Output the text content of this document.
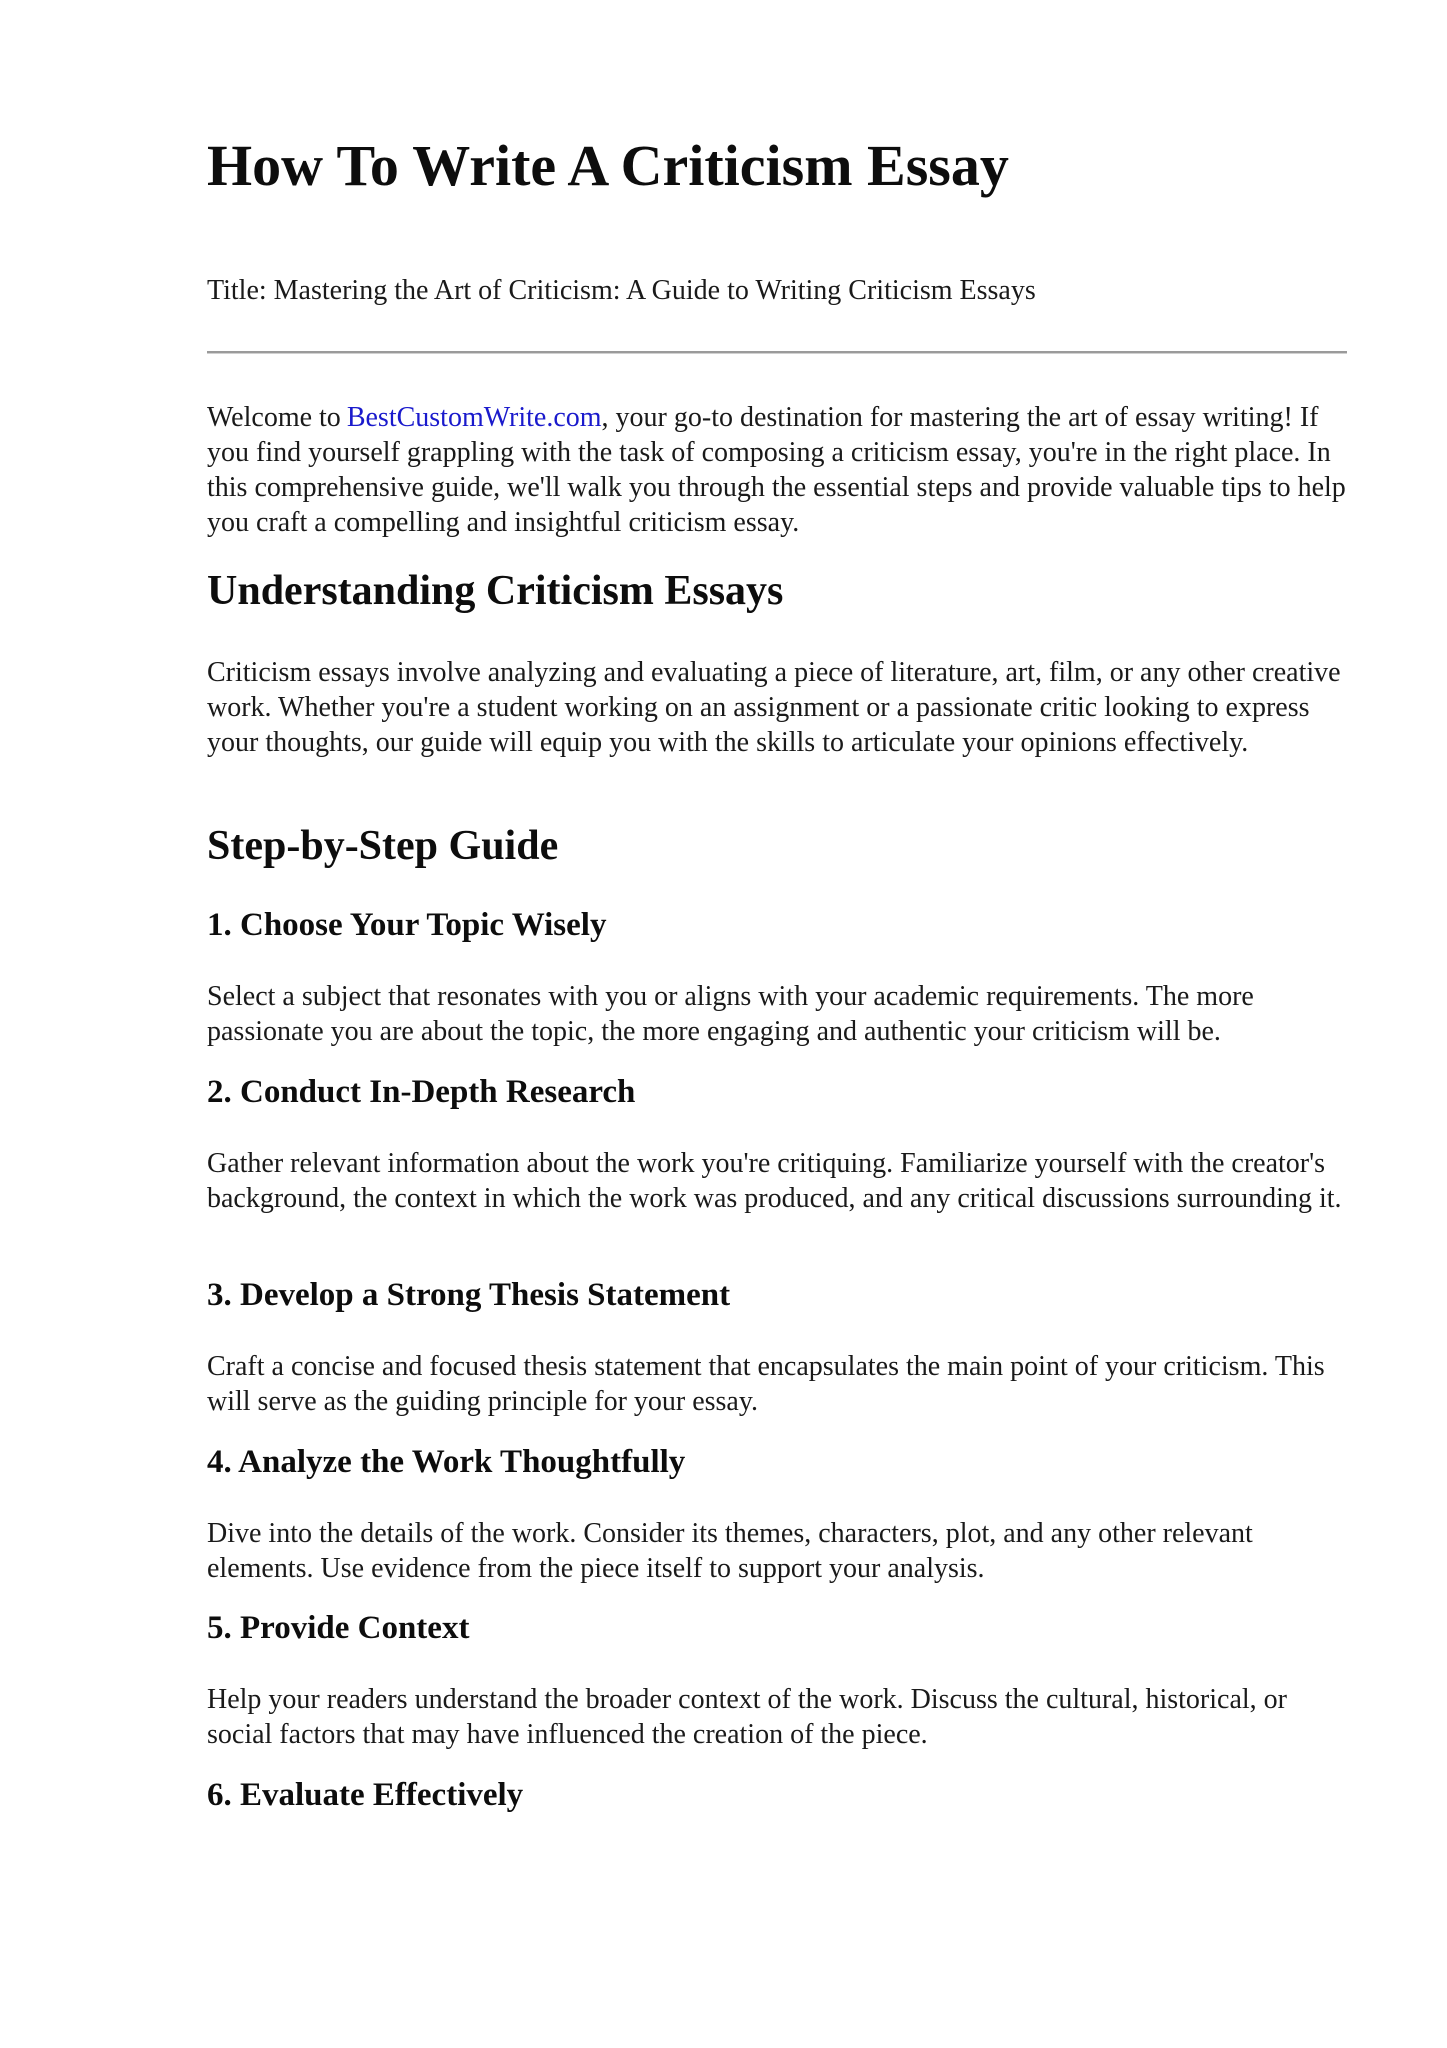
How To Write A Criticism Essay

Title: Mastering the Art of Criticism: A Guide to Writing Criticism Essays

Welcome to BestCustomWrite.com, your go-to destination for mastering the art of essay writing! If you find yourself grappling with the task of composing a criticism essay, you're in the right place. In this comprehensive guide, we'll walk you through the essential steps and provide valuable tips to help you craft a compelling and insightful criticism essay.

Understanding Criticism Essays

Criticism essays involve analyzing and evaluating a piece of literature, art, film, or any other creative work. Whether you're a student working on an assignment or a passionate critic looking to express your thoughts, our guide will equip you with the skills to articulate your opinions effectively.

Step-by-Step Guide
1. Choose Your Topic Wisely

Select a subject that resonates with you or aligns with your academic requirements. The more passionate you are about the topic, the more engaging and authentic your criticism will be.

2. Conduct In-Depth Research

Gather relevant information about the work you're critiquing. Familiarize yourself with the creator's background, the context in which the work was produced, and any critical discussions surrounding it.

3. Develop a Strong Thesis Statement

Craft a concise and focused thesis statement that encapsulates the main point of your criticism. This will serve as the guiding principle for your essay.

4. Analyze the Work Thoughtfully

Dive into the details of the work. Consider its themes, characters, plot, and any other relevant elements. Use evidence from the piece itself to support your analysis.

5. Provide Context

Help your readers understand the broader context of the work. Discuss the cultural, historical, or social factors that may have influenced the creation of the piece.

6. Evaluate Effectively
